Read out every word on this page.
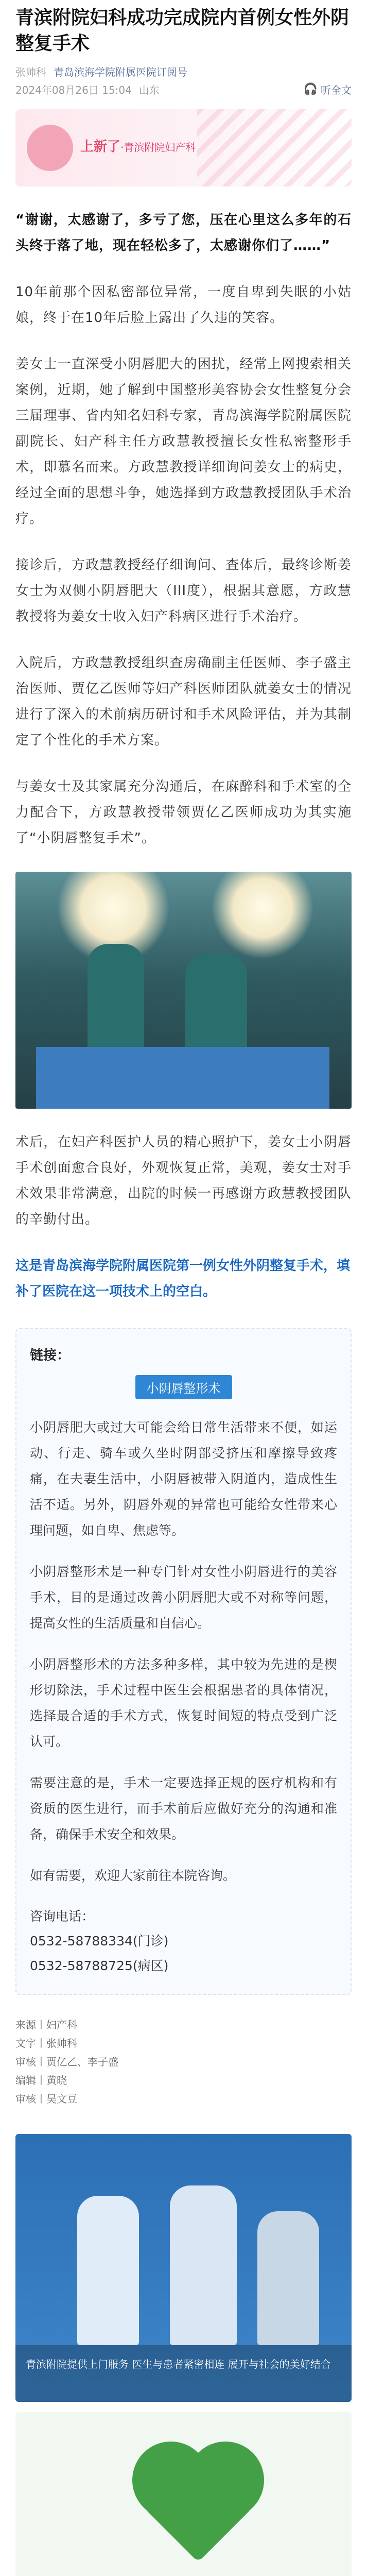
青滨附院妇科成功完成院内首例女性外阴整复手术
张帅科 青岛滨海学院附属医院订阅号
2024年08月26日 15:04 山东	🎧 听全文
上新了·青滨附院妇产科

“谢谢，太感谢了，多亏了您，压在心里这么多年的石头终于落了地，现在轻松多了，太感谢你们了……”

10年前那个因私密部位异常，一度自卑到失眠的小姑娘，终于在10年后脸上露出了久违的笑容。

姜女士一直深受小阴唇肥大的困扰，经常上网搜索相关案例，近期，她了解到中国整形美容协会女性整复分会三届理事、省内知名妇科专家，青岛滨海学院附属医院副院长、妇产科主任方政慧教授擅长女性私密整形手术，即慕名而来。方政慧教授详细询问姜女士的病史，经过全面的思想斗争，她选择到方政慧教授团队手术治疗。

接诊后，方政慧教授经仔细询问、查体后，最终诊断姜女士为双侧小阴唇肥大（III度），根据其意愿，方政慧教授将为姜女士收入妇产科病区进行手术治疗。

入院后，方政慧教授组织查房确副主任医师、李子盛主治医师、贾亿乙医师等妇产科医师团队就姜女士的情况进行了深入的术前病历研讨和手术风险评估，并为其制定了个性化的手术方案。

与姜女士及其家属充分沟通后，在麻醉科和手术室的全力配合下，方政慧教授带领贾亿乙医师成功为其实施了“小阴唇整复手术”。

术后，在妇产科医护人员的精心照护下，姜女士小阴唇手术创面愈合良好，外观恢复正常，美观，姜女士对手术效果非常满意，出院的时候一再感谢方政慧教授团队的辛勤付出。

这是青岛滨海学院附属医院第一例女性外阴整复手术，填补了医院在这一项技术上的空白。

链接：
小阴唇整形术

小阴唇肥大或过大可能会给日常生活带来不便，如运动、行走、骑车或久坐时阴部受挤压和摩擦导致疼痛，在夫妻生活中，小阴唇被带入阴道内，造成性生活不适。另外，阴唇外观的异常也可能给女性带来心理问题，如自卑、焦虑等。

小阴唇整形术是一种专门针对女性小阴唇进行的美容手术，目的是通过改善小阴唇肥大或不对称等问题，提高女性的生活质量和自信心。

小阴唇整形术的方法多种多样，其中较为先进的是楔形切除法，手术过程中医生会根据患者的具体情况，选择最合适的手术方式，恢复时间短的特点受到广泛认可。

需要注意的是，手术一定要选择正规的医疗机构和有资质的医生进行，而手术前后应做好充分的沟通和准备，确保手术安全和效果。

如有需要，欢迎大家前往本院咨询。

咨询电话：
0532-58788334(门诊)
0532-58788725(病区)
来源丨妇产科
文字丨张帅科
审核丨贾亿乙、李子盛
编辑丨黄晓
审核丨吴文豆
青滨附院提供上门服务 医生与患者紧密相连 展开与社会的美好结合
